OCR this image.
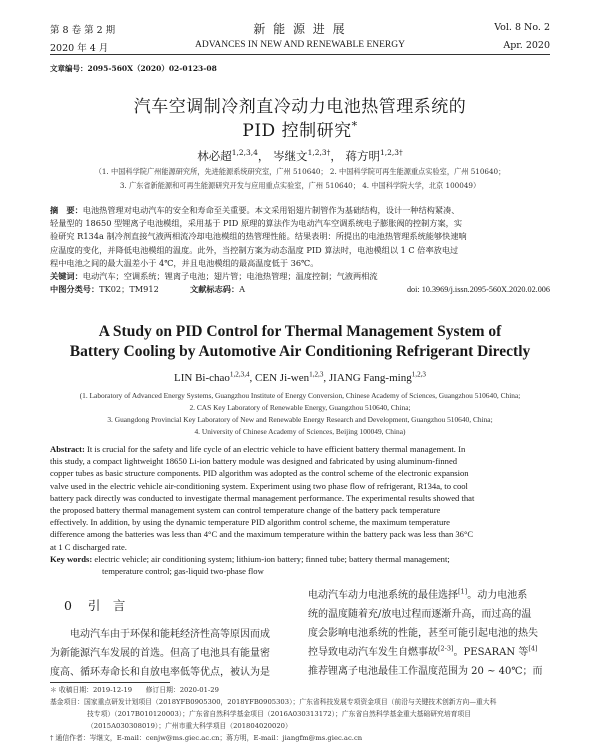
第 8 卷 第 2 期	新 能 源 进 展	Vol. 8 No. 2
2020 年 4 月	ADVANCES IN NEW AND RENEWABLE ENERGY	Apr. 2020
文章编号：2095-560X（2020）02-0123-08
汽车空调制冷剂直冷动力电池热管理系统的
PID 控制研究*
林必超$^{1,2,3,4}$， 岑继文$^{1,2,3\dagger}$， 蒋方明$^{1,2,3\dagger}$
（1. 中国科学院广州能源研究所，先进能源系统研究室，广州 510640； 2. 中国科学院可再生能源重点实验室，广州 510640；
3. 广东省新能源和可再生能源研究开发与应用重点实验室，广州 510640； 4. 中国科学院大学，北京 100049）
摘　要：电池热管理对电动汽车的安全和寿命至关重要。本文采用铝翅片制管作为基础结构，设计一种结构紧凑、
轻量型的 18650 型锂离子电池模组，采用基于 PID 原理的算法作为电动汽车空调系统电子膨胀阀的控制方案，实
验研究 R134a 制冷剂直接气液两相流冷却电池模组的热管理性能。结果表明：所提出的电池热管理系统能够快速响
应温度的变化，并降低电池模组的温度。此外，当控制方案为动态温度 PID 算法时，电池模组以 1 C 倍率放电过
程中电池之间的最大温差小于 4℃，并且电池模组的最高温度低于 36℃。
关键词：电动汽车；空调系统；锂离子电池；翅片管；电池热管理；温度控制；气液两相流
中图分类号：TK02；TM912	文献标志码：A	doi: 10.3969/j.issn.2095-560X.2020.02.006
A Study on PID Control for Thermal Management System of
Battery Cooling by Automotive Air Conditioning Refrigerant Directly
LIN Bi-chao$^{1,2,3,4}$, CEN Ji-wen$^{1,2,3}$, JIANG Fang-ming$^{1,2,3}$
(1. Laboratory of Advanced Energy Systems, Guangzhou Institute of Energy Conversion, Chinese Academy of Sciences, Guangzhou 510640, China;
2. CAS Key Laboratory of Renewable Energy, Guangzhou 510640, China;
3. Guangdong Provincial Key Laboratory of New and Renewable Energy Research and Development, Guangzhou 510640, China;
4. University of Chinese Academy of Sciences, Beijing 100049, China)
Abstract: It is crucial for the safety and life cycle of an electric vehicle to have efficient battery thermal management. In
this study, a compact lightweight 18650 Li-ion battery module was designed and fabricated by using aluminum-finned
copper tubes as basic structure components. PID algorithm was adopted as the control scheme of the electronic expansion
valve used in the electric vehicle air-conditioning system. Experiment using two phase flow of refrigerant, R134a, to cool
battery pack directly was conducted to investigate thermal management performance. The experimental results showed that
the proposed battery thermal management system can control temperature change of the battery pack temperature
effectively. In addition, by using the dynamic temperature PID algorithm control scheme, the maximum temperature
difference among the batteries was less than 4°C and the maximum temperature within the battery pack was less than 36°C
at 1 C discharged rate.
Key words: electric vehicle; air conditioning system; lithium-ion battery; finned tube; battery thermal management;
temperature control; gas-liquid two-phase flow
0 引　言
电动汽车由于环保和能耗经济性高等原因而成
为新能源汽车发展的首选。但高了电池具有能量密
度高、循环寿命长和自放电率低等优点，被认为是
电动汽车动力电池系统的最佳选择[1]。动力电池系
统的温度随着充/放电过程而逐渐升高，而过高的温
度会影响电池系统的性能，甚至可能引起电池的热失
控导致电动汽车发生自燃事故[2-3]。PESARAN 等[4]
推荐锂离子电池最佳工作温度范围为 20 ~ 40℃；而
＊ 收稿日期：2019-12-19　　修订日期：2020-01-29
基金项目：国家重点研发计划项目（2018YFB0905300，2018YFB0905303）；广东省科技发展专项资金项目（前沿与关键技术创新方向—重大科
技专项）（2017B010120003）；广东省自然科学基金项目（2016A030313172）；广东省自然科学基金重大基础研究培育项目
（2015A030308019）；广州市重大科学项目（201804020020）
† 通信作者：岑继文，E-mail：cenjw@ms.giec.ac.cn；蒋方明，E-mail：jiangfm@ms.giec.ac.cn
· 123 ·
